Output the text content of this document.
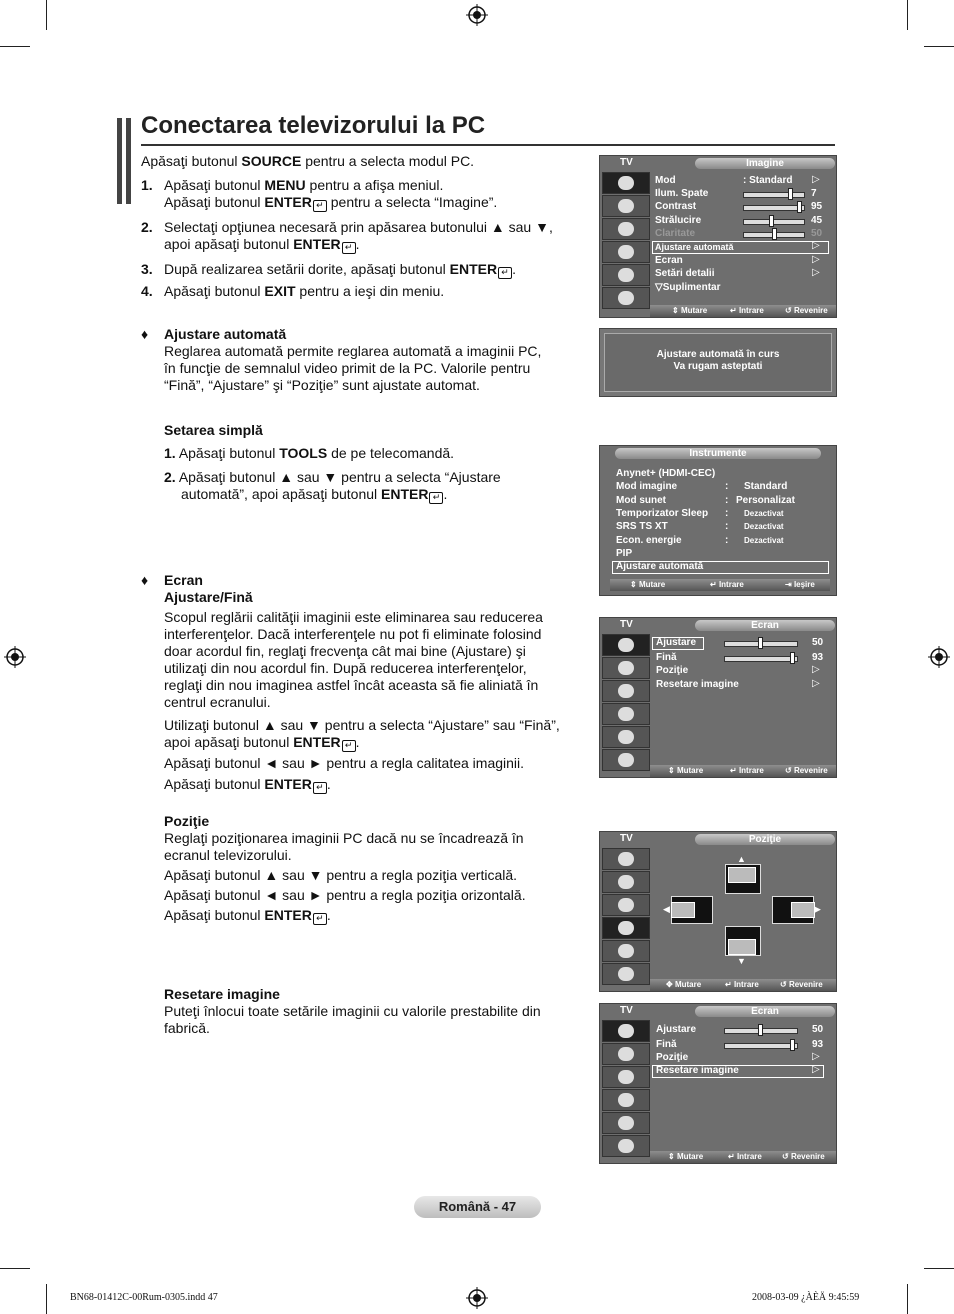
Conectarea televizorului la PC
Apăsaţi butonul SOURCE pentru a selecta modul PC.
1. Apăsaţi butonul MENU pentru a afişa meniul.
Apăsaţi butonul ENTER ↵ pentru a selecta “Imagine”.
2. Selectaţi opţiunea necesară prin apăsarea butonului ▲ sau ▼,
apoi apăsaţi butonul ENTER ↵ .
3. După realizarea setării dorite, apăsaţi butonul ENTER ↵ .
4. Apăsaţi butonul EXIT pentru a ieşi din meniu.
♦ Ajustare automată
Reglarea automată permite reglarea automată a imaginii PC,
în funcţie de semnalul video primit de la PC. Valorile pentru
“Fină”, “Ajustare” şi “Poziţie” sunt ajustate automat.
Setarea simplă
1. Apăsaţi butonul TOOLS de pe telecomandă.
2. Apăsaţi butonul ▲ sau ▼ pentru a selecta “Ajustare
automată”, apoi apăsaţi butonul ENTER ↵ .
♦ Ecran
Ajustare/Fină
Scopul reglării calităţii imaginii este eliminarea sau reducerea
interferenţelor. Dacă interferenţele nu pot fi eliminate folosind
doar acordul fin, reglaţi frecvenţa cât mai bine (Ajustare) şi
utilizaţi din nou acordul fin. După reducerea interferenţelor,
reglaţi din nou imaginea astfel încât aceasta să fie aliniată în
centrul ecranului.
Utilizaţi butonul ▲ sau ▼ pentru a selecta “Ajustare” sau “Fină”,
apoi apăsaţi butonul ENTER ↵ .
Apăsaţi butonul ◄ sau ► pentru a regla calitatea imaginii.
Apăsaţi butonul ENTER ↵ .
Poziţie
Reglaţi poziţionarea imaginii PC dacă nu se încadrează în
ecranul televizorului.
Apăsaţi butonul ▲ sau ▼ pentru a regla poziţia verticală.
Apăsaţi butonul ◄ sau ► pentru a regla poziţia orizontală.
Apăsaţi butonul ENTER ↵ .
Resetare imagine
Puteţi înlocui toate setările imaginii cu valorile prestabilite din
fabrică.
TV	Imagine
Mod	: Standard ▷
Ilum. Spate	7
Contrast	95
Strălucire	45
Claritate	50
Ajustare automată	▷
Ecran	▷
Setări detalii	▷
▽Suplimentar
⇕ Mutare	↵ Intrare	↺ Revenire
Ajustare automată în curs
Va rugam asteptati
Instrumente
Anynet+ (HDMI-CEC)
Mod imagine	: Standard
Mod sunet	: Personalizat
Temporizator Sleep : Dezactivat
SRS TS XT	: Dezactivat
Econ. energie	: Dezactivat
PIP
Ajustare automată
⇕ Mutare	↵ Intrare	⇥ Ieşire
TV	Ecran
Ajustare	50
Fină	93
Poziţie	▷
Resetare imagine	▷
⇕ Mutare	↵ Intrare	↺ Revenire
TV	Poziţie
▲
◀	▶
▼
✥ Mutare	↵ Intrare	↺ Revenire
TV	Ecran
Ajustare	50
Fină	93
Poziţie	▷
Resetare imagine	▷
⇕ Mutare	↵ Intrare	↺ Revenire
Română - 47
BN68-01412C-00Rum-0305.indd 47	2008-03-09 ¿ÀÈÄ 9:45:59
